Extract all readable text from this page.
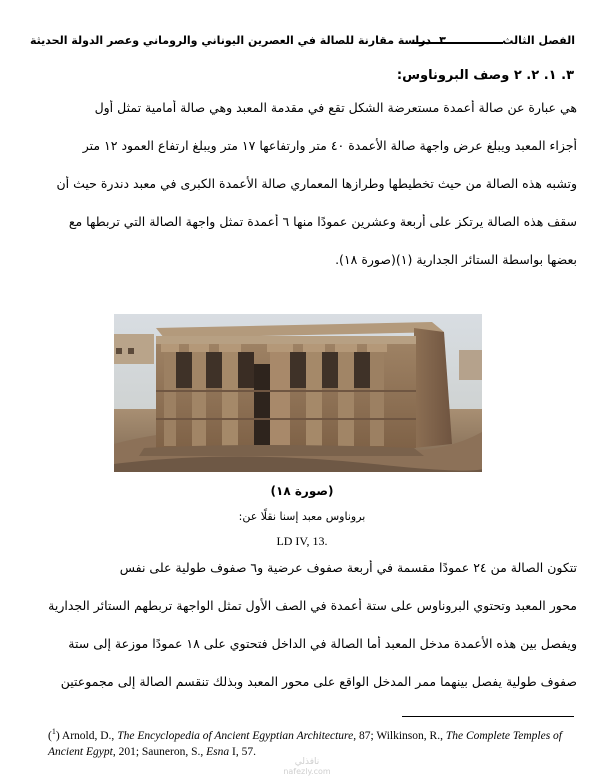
الفصل الثالث
٣. دراسة مقارنة للصالة في العصرين اليوناني والروماني وعصر الدولة الحديثة
٣. ١. ٢. ٢ وصف البروناوس:
هي عبارة عن صالة أعمدة مستعرضة الشكل تقع في مقدمة المعبد وهي صالة أمامية تمثل أول
أجزاء المعبد ويبلغ عرض واجهة صالة الأعمدة ٤٠ متر وارتفاعها ١٧ متر ويبلغ ارتفاع العمود ١٢ متر
وتشبه هذه الصالة من حيث تخطيطها وطرازها المعماري صالة الأعمدة الكبرى في معبد دندرة حيث أن
سقف هذه الصالة يرتكز على أربعة وعشرين عمودًا منها ٦ أعمدة تمثل واجهة الصالة التي تربطها مع
بعضها بواسطة الستائر الجدارية (١)(صورة ١٨).
(صورة ١٨)
بروناوس معبد إسنا نقلًا عن:
LD IV, 13.
تتكون الصالة من ٢٤ عمودًا مقسمة في أربعة صفوف عرضية و٦ صفوف طولية على نفس
محور المعبد وتحتوي البروناوس على ستة أعمدة في الصف الأول تمثل الواجهة تربطهم الستائر الجدارية
ويفصل بين هذه الأعمدة مدخل المعبد أما الصالة في الداخل فتحتوي على ١٨ عمودًا موزعة إلى ستة
صفوف طولية يفصل بينهما ممر المدخل الواقع على محور المعبد وبذلك تنقسم الصالة إلى مجموعتين
($^1$) Arnold, D., The Encyclopedia of Ancient Egyptian Architecture, 87; Wilkinson, R., The Complete Temples of Ancient Egypt, 201; Sauneron, S., Esna I, 57.
نافذلي
nafezly.com
